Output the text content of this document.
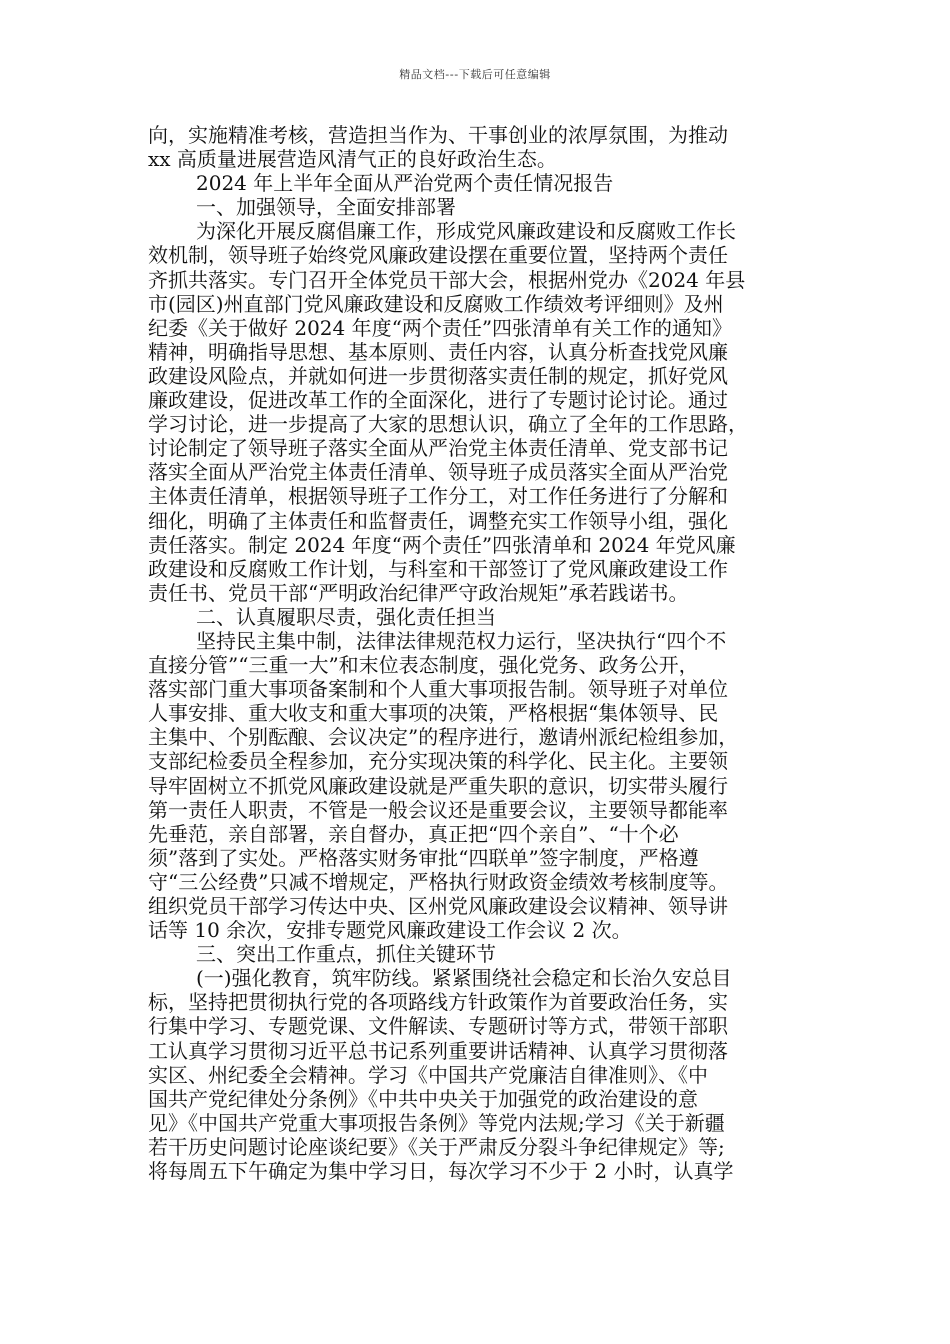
精品文档---下载后可任意编辑
向，实施精准考核，营造担当作为、干事创业的浓厚氛围，为推动
xx 高质量进展营造风清气正的良好政治生态。
2024 年上半年全面从严治党两个责任情况报告
一、加强领导，全面安排部署
为深化开展反腐倡廉工作，形成党风廉政建设和反腐败工作长
效机制，领导班子始终党风廉政建设摆在重要位置，坚持两个责任
齐抓共落实。专门召开全体党员干部大会，根据州党办《2024 年县
市(园区)州直部门党风廉政建设和反腐败工作绩效考评细则》及州
纪委《关于做好 2024 年度“两个责任”四张清单有关工作的通知》
精神，明确指导思想、基本原则、责任内容，认真分析查找党风廉
政建设风险点，并就如何进一步贯彻落实责任制的规定，抓好党风
廉政建设，促进改革工作的全面深化，进行了专题讨论讨论。通过
学习讨论，进一步提高了大家的思想认识，确立了全年的工作思路，
讨论制定了领导班子落实全面从严治党主体责任清单、党支部书记
落实全面从严治党主体责任清单、领导班子成员落实全面从严治党
主体责任清单，根据领导班子工作分工，对工作任务进行了分解和
细化，明确了主体责任和监督责任，调整充实工作领导小组，强化
责任落实。制定 2024 年度“两个责任”四张清单和 2024 年党风廉
政建设和反腐败工作计划，与科室和干部签订了党风廉政建设工作
责任书、党员干部“严明政治纪律严守政治规矩”承若践诺书。
二、认真履职尽责，强化责任担当
坚持民主集中制，法律法律规范权力运行，坚决执行“四个不
直接分管”“三重一大”和末位表态制度，强化党务、政务公开，
落实部门重大事项备案制和个人重大事项报告制。领导班子对单位
人事安排、重大收支和重大事项的决策，严格根据“集体领导、民
主集中、个别酝酿、会议决定”的程序进行，邀请州派纪检组参加，
支部纪检委员全程参加，充分实现决策的科学化、民主化。主要领
导牢固树立不抓党风廉政建设就是严重失职的意识，切实带头履行
第一责任人职责，不管是一般会议还是重要会议，主要领导都能率
先垂范，亲自部署，亲自督办，真正把“四个亲自”、“十个必
须”落到了实处。严格落实财务审批“四联单”签字制度，严格遵
守“三公经费”只减不增规定，严格执行财政资金绩效考核制度等。
组织党员干部学习传达中央、区州党风廉政建设会议精神、领导讲
话等 10 余次，安排专题党风廉政建设工作会议 2 次。
三、突出工作重点，抓住关键环节
(一)强化教育，筑牢防线。紧紧围绕社会稳定和长治久安总目
标，坚持把贯彻执行党的各项路线方针政策作为首要政治任务，实
行集中学习、专题党课、文件解读、专题研讨等方式，带领干部职
工认真学习贯彻习近平总书记系列重要讲话精神、认真学习贯彻落
实区、州纪委全会精神。学习《中国共产党廉洁自律准则》、《中
国共产党纪律处分条例》《中共中央关于加强党的政治建设的意
见》《中国共产党重大事项报告条例》等党内法规;学习《关于新疆
若干历史问题讨论座谈纪要》《关于严肃反分裂斗争纪律规定》等;
将每周五下午确定为集中学习日，每次学习不少于 2 小时，认真学
